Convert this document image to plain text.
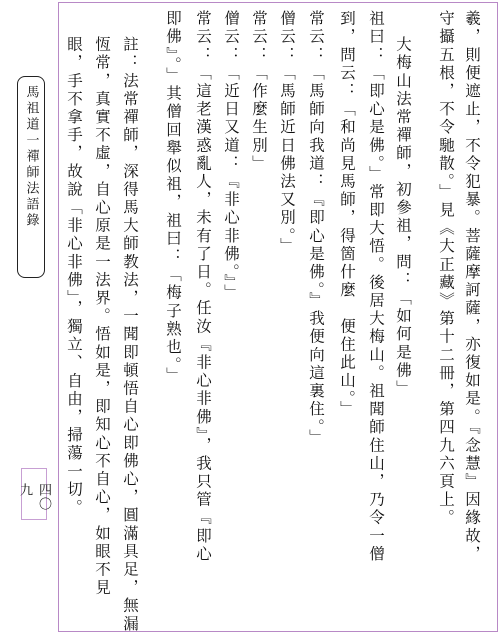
羲，則便遮止，不令犯暴。菩薩摩訶薩，亦復如是。『念慧』因緣故，
守攝五根，不令馳散。」見《大正藏》第十二冊，第四九六頁上。
大梅山法常禪師，初參祖，問：「如何是佛」
祖曰：「即心是佛。」常即大悟。後居大梅山。祖聞師住山，乃令一僧
到，問云：「和尚見馬師，得箇什麼　便住此山。」
常云：「馬師向我道：『即心是佛。』我便向這裏住。」
僧云：「馬師近日佛法又別。」
常云：「作麼生別」
僧云：「近日又道：『非心非佛。』」
常云：「這老漢惑亂人，未有了日。任汝『非心非佛』，我只管『即心
即佛』。」其僧回舉似祖，祖曰：「梅子熟也。」
註：法常禪師，深得馬大師教法，一聞即頓悟自心即佛心，圓滿具足，無漏
恆常，真實不虛，自心原是一法界。悟如是，即知心不自心，如眼不見
眼，手不拿手，故說「非心非佛」，獨立、自由，掃蕩一切。
馬祖道一禪師法語錄
四〇九
